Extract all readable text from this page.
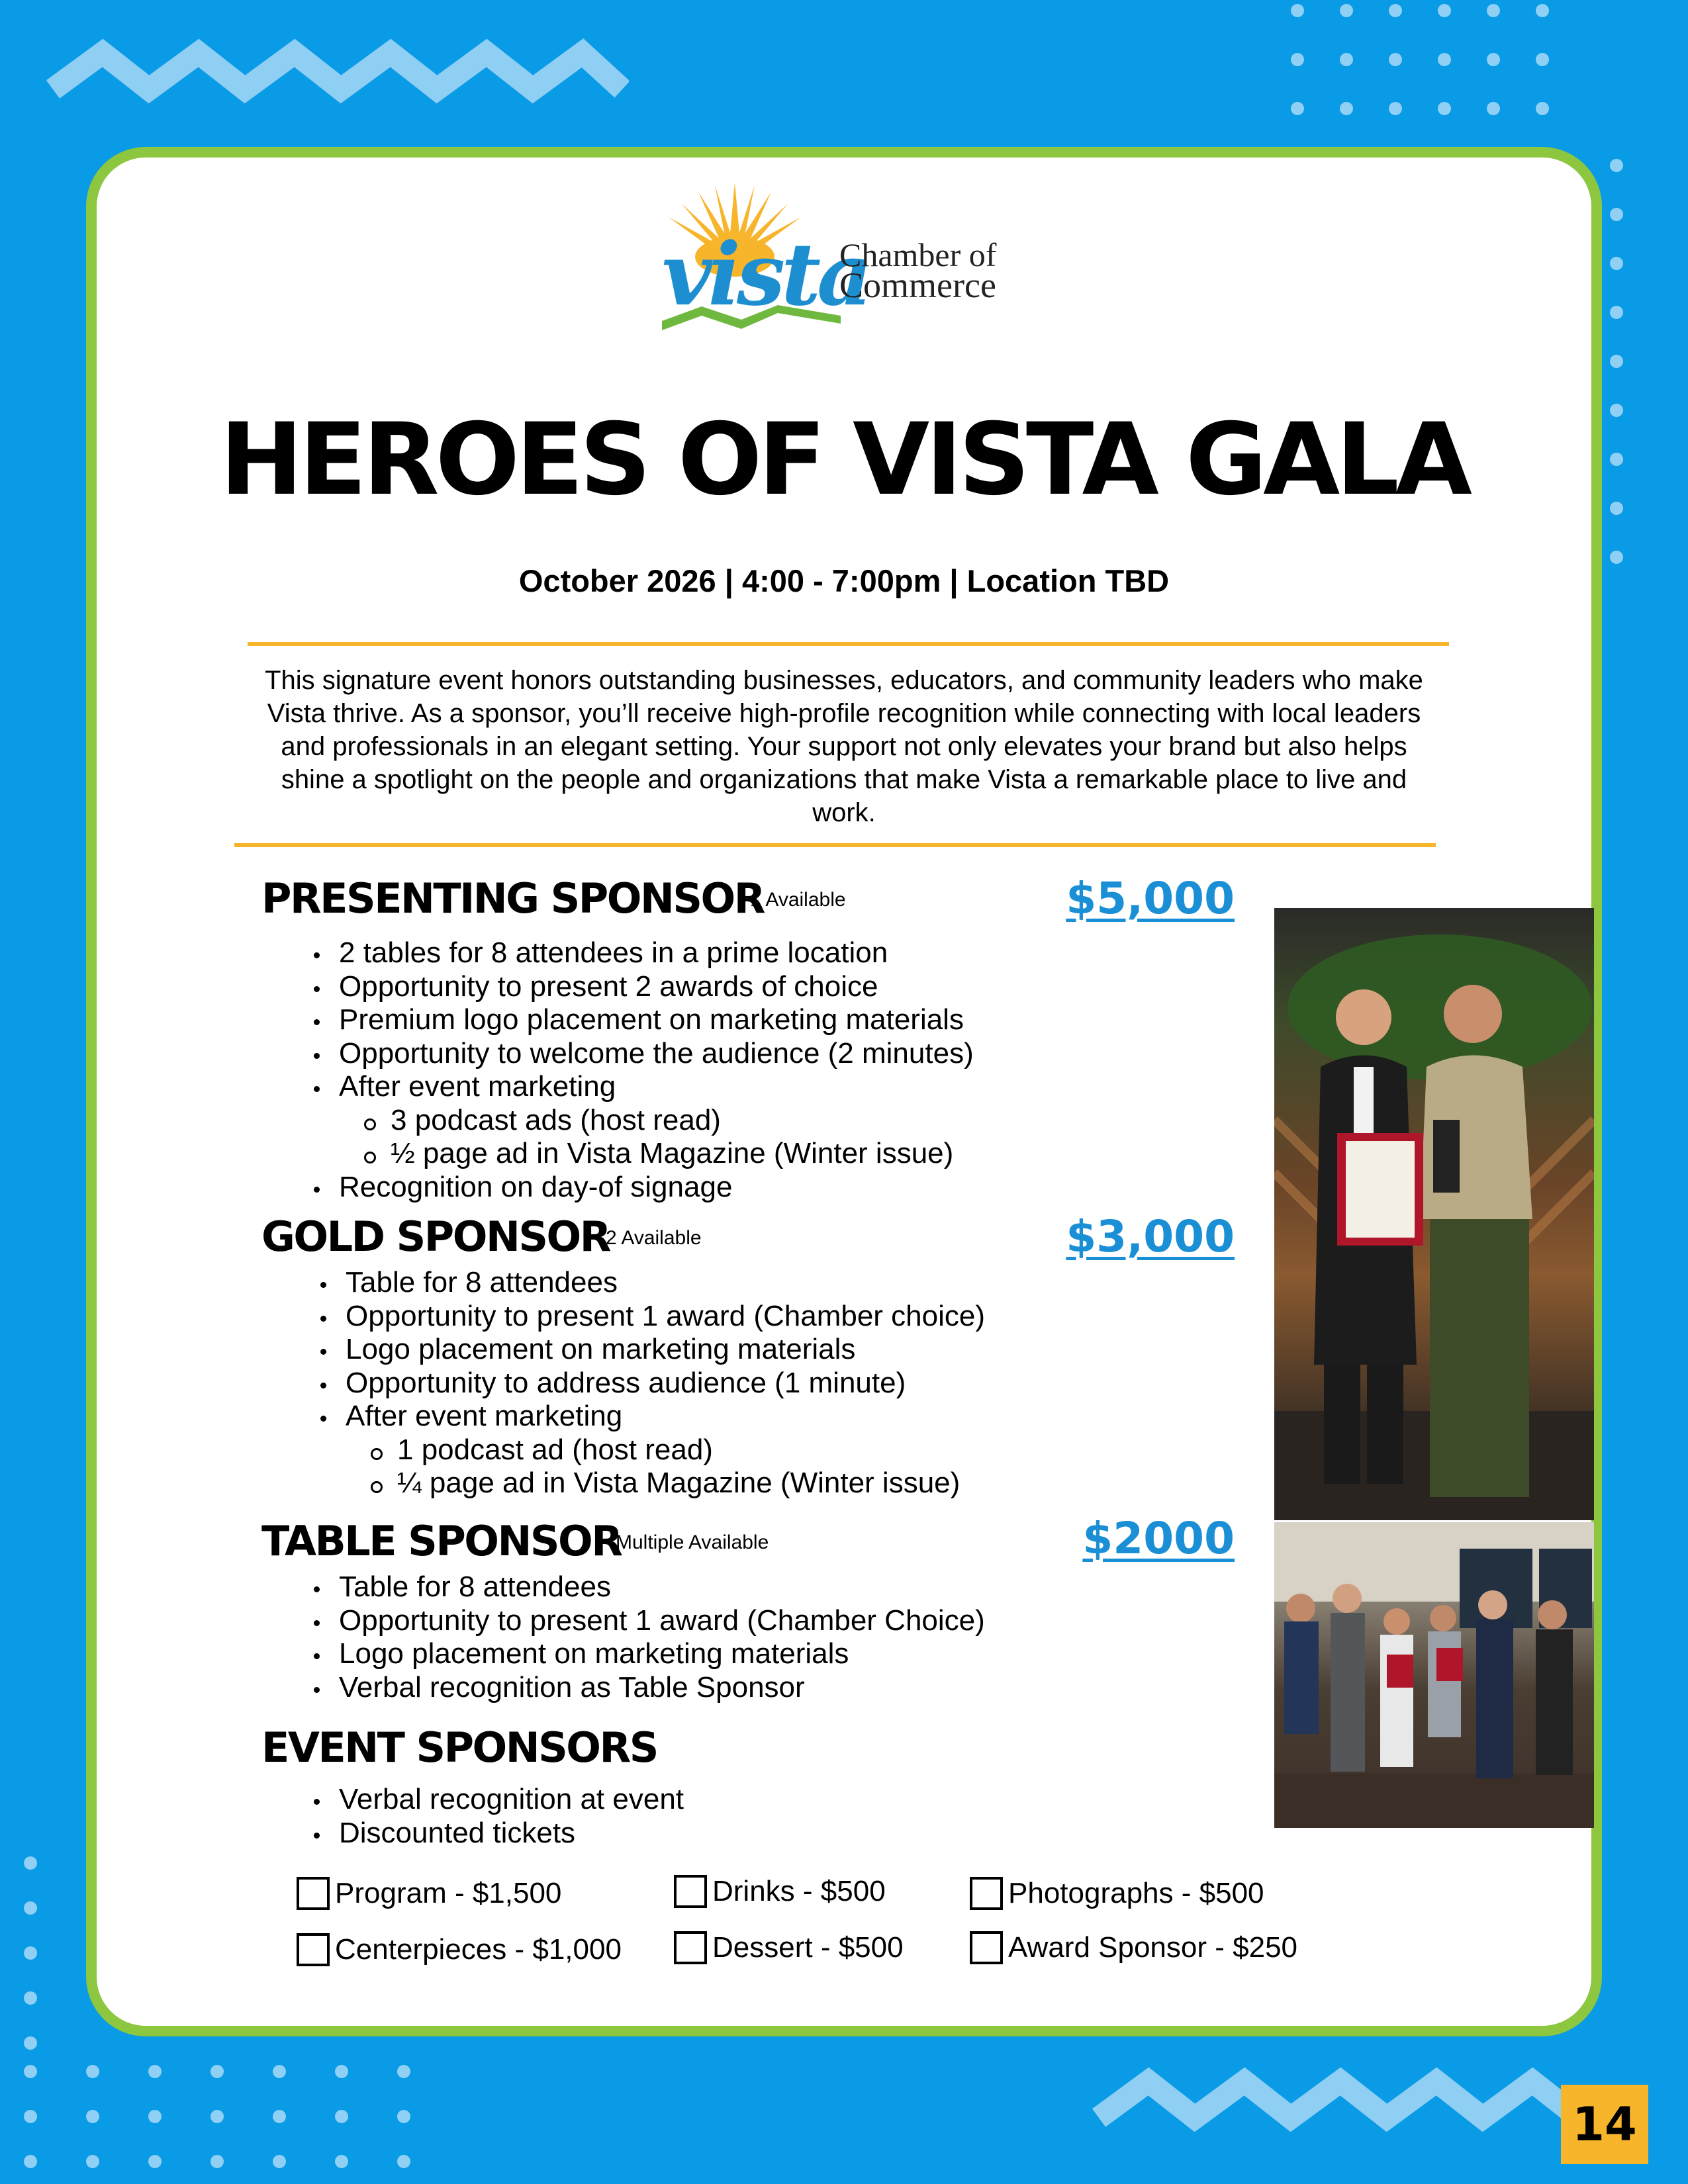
vista
Chamber of
Commerce
HEROES OF VISTA GALA
October 2026 | 4:00 - 7:00pm | Location TBD
This signature event honors outstanding businesses, educators, and community leaders who make Vista thrive. As a sponsor, you’ll receive high-profile recognition while connecting with local leaders and professionals in an elegant setting. Your support not only elevates your brand but also helps shine a spotlight on the people and organizations that make Vista a remarkable place to live and work.
PRESENTING SPONSOR
1 Available	$5,000
2 tables for 8 attendees in a prime location
Opportunity to present 2 awards of choice
Premium logo placement on marketing materials
Opportunity to welcome the audience (2 minutes)
After event marketing
3 podcast ads (host read)
½ page ad in Vista Magazine (Winter issue)
Recognition on day-of signage
GOLD SPONSOR
2 Available	$3,000
Table for 8 attendees
Opportunity to present 1 award (Chamber choice)
Logo placement on marketing materials
Opportunity to address audience (1 minute)
After event marketing
1 podcast ad (host read)
¼ page ad in Vista Magazine (Winter issue)
TABLE SPONSOR
Multiple Available	$2000
Table for 8 attendees
Opportunity to present 1 award (Chamber Choice)
Logo placement on marketing materials
Verbal recognition as Table Sponsor
EVENT SPONSORS
Verbal recognition at event
Discounted tickets
Program - $1,500	Drinks - $500	Photographs - $500
Centerpieces - $1,000	Dessert - $500	Award Sponsor - $250
14
